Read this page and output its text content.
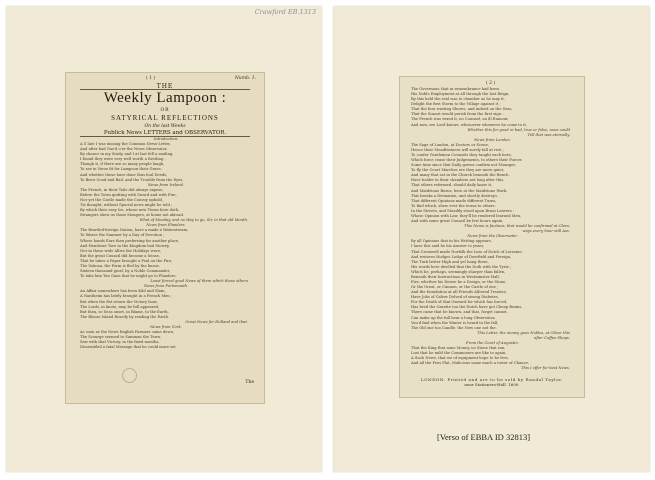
Crawford EB.1313
( 1 )	Numb. 1.
THE
Weekly Lampoon :
OR
SATYRICAL REFLECTIONS
On the last Weeks
Publick News LETTERS and OBSERVATOR.
Introduction.
A S late I was musing the Common News-Letter,
And after had Gaz'd o'er the News Observator,
By chance in my Study, and I at last fell a smiling,
I found they were very well worth a Reviling :
Though it, if there are so many people laugh,
To see in Verse fit for Lampoon their Grave,
And whether these have done thus foul Deeds,
To Brew Good and Bad, and the Trouble from the Eyes.
News from Ireland.
The French, in their Toils did always expose,
Before the Town quitting with Sword and with Fire,
Nor yet the Castle made the Convoy uphold,
Tis thought, without Special news might be told ;
By which their easy Ire, whose new Times here doth,
Strangers show us those Mongers, at home not abroad.
What of Monday, and no Way to go, Sir, in that old Month.
News from Flanders.
The Bearded-foreign Nation, have a made a Waterstream,
To Weave the Summer by a Day of Devotion ;
Whose hands Ears then preferring for another place,
And Hendeser Tore in the Kingdom bad Stowey,
Nor in these wide Allies the Holidays were,
But the great Council did become a Sense,
That he takes a Paper brought a Peal on the Fire,
The Vatican, the Form is fled by the burns.
Sixteen thousand good, by a Noble Commander,
To take him Ten Guns that he might go to Flanders.
Least forced good News of them which those others
News from Portsmouth.
An Affair somewhere has been Kild and Slain,
A Nantheim has lately brought in a French Men ;
But when the Fat return the Victory hour,
The Lords, in knots, may be full appeared,
But then, so Seas onset, in Blame, to the Earth,
The Bloose Island Rosedy by reading the Earth.
Great News for Holland and that.
News from Cork.
As soon as the News English Farmers came down,
The Scourge seemed to Summon the Town,
Saw with that Victory, in the fixed months,
Dissembled a fatal Message that he could more set
The
( 2 )
The Governour, that in remembrance had been
His Noble Employment at all through the last Reign,
By this held the seal was to chamber as he may it,
Delight the first Storm to the Village against it ;
That the fear wasting Shores, and indeed on the Seas,
That the Sunset would perish from the first sign :
The French was vexed it, no Counsel, no ill Rumour,
And now, ere Lord knows, whosoever whenever he come to it,
Whether this for good or bad, true or false, none could
Tell that was eternally.
News from London.
The Sage of London, at Doctors or Scene,
Hence their Steadfastness will surely fall at rest ;
To confer Gentlemen Counsels they taught each here,
Which force cease their Judgements, to others their Forces
Some time since that Daily gowns confirm not Stranger,
To fly the Court Marches ere they are more quiet,
And many that sat in the Church beneath the Bench,
Have holder in their chambers not long after this,
That others reformed, should daily know it,
And Maidstone Burns, here at the Maidstone Work,
This breaks a Divination, and shortly destroys.
That different Opinions made different Turns,
To find which, shew ever the terms to others.
In the Streets, and Steadily stood upon Brass Leavers :
Whose Opinion with Law, they'll be rendered learned Men,
And with some great Council be few hours again.
This Name is factious, that would be confirmed at Clara,
ways every hour still Ass.
News from the Observator.
By all Opinions that in his Writing appears,
I have this said he his Answer to years,
That Cromwell made Norfolk the Loss of Dutch of Lorraine,
And restores Hodges Lodge of Deerfield and Foreign,
The Turk better High and yet hang there,
His words here dwelled that the Doth with the Tyrie ;
Which he, perhaps, seemingly sharper than fallen,
Beneath their Instructions in Westminster Hall,
Fire, whether his Desire be a Design, or the Stone,
Or the Great, or Cannon, or the Castle of one ;
And the foundation at all Friends Allowed Treaties,
Have Jobs of Calver Delved of strong Diabetes,
For the Death of that Onward for which has forced,
Has bred the Gazette too the Dutch have got Cheap Brains,
There came that be known, and that, forget cannot,
Can make up the full hear a long Observator,
You'd find when the Winter is heard in the fall,
The Old one too Candle, the New one not the.
This Letter, the money goes Nobles, at Oliver this
after Coffee-Shops.
From the Court of Augustin.
That the King that none Money, no Stone that run,
Lost that he mild the Commoners are like to again,
A Such News, that we of equipment hope to be free,
And all the Fees Flat, Malicious some much a tower of Chance,
This I offer for best News.
LONDON, Printed and are to be sold by Randal Taylor,
near Stationers-Hall. 1690.
[Verso of EBBA ID 32813]
